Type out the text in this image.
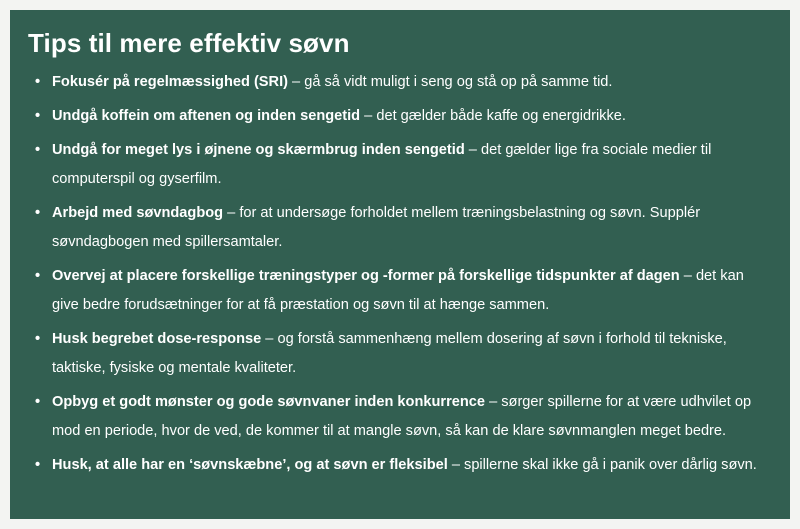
Tips til mere effektiv søvn
• Fokusér på regelmæssighed (SRI) – gå så vidt muligt i seng og stå op på samme tid.
• Undgå koffein om aftenen og inden sengetid – det gælder både kaffe og energidrikke.
• Undgå for meget lys i øjnene og skærmbrug inden sengetid – det gælder lige fra sociale medier til computerspil og gyserfilm.
• Arbejd med søvndagbog – for at undersøge forholdet mellem træningsbelastning og søvn. Supplér søvndagbogen med spillersamtaler.
• Overvej at placere forskellige træningstyper og -former på forskellige tidspunkter af dagen – det kan give bedre forudsætninger for at få præstation og søvn til at hænge sammen.
• Husk begrebet dose-response – og forstå sammenhæng mellem dosering af søvn i forhold til tekniske, taktiske, fysiske og mentale kvaliteter.
• Opbyg et godt mønster og gode søvnvaner inden konkurrence – sørger spillerne for at være udhvilet op mod en periode, hvor de ved, de kommer til at mangle søvn, så kan de klare søvnmanglen meget bedre.
• Husk, at alle har en ‘søvnskæbne’, og at søvn er fleksibel – spillerne skal ikke gå i panik over dårlig søvn.
